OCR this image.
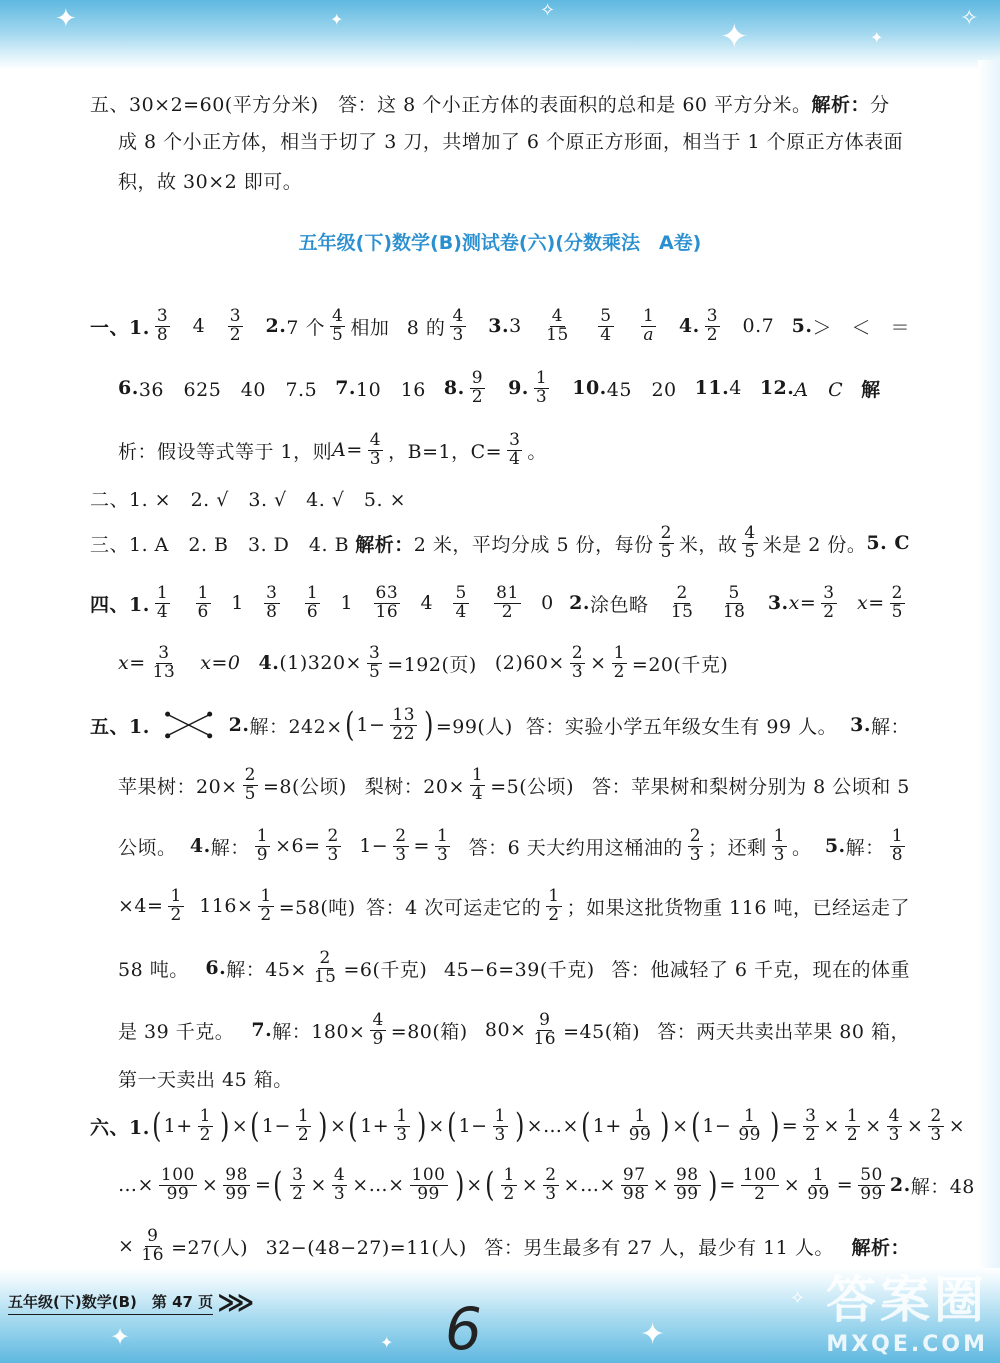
✦	✦	✧
✦	✦
✧
✦	✦	✦
✧
五、30×2=60(平方分米)　答：这 8 个小正方体的表面积的总和是 60 平方分米。 解析： 分
成 8 个小正方体，相当于切了 3 刀，共增加了 6 个原正方形面，相当于 1 个原正方体表面
积，故 30×2 即可。
五年级(下)数学(B)测试卷(六)(分数乘法　A卷)
一、1. $\frac{3}{8} 4 \frac{3}{2} 2$. 7 个 $\frac{4}{5}$ 相加 8 的 $\frac{4}{3} 3$. $3 \frac{4}{15} \frac{5}{4} \frac{1}{a} 4$. $\frac{3}{2} 0.7$ 5. ＞　＜　＝
6. 36　625　40　7.5 7. 10　16 8. $\frac{9}{2} 9$. $\frac{1}{3} 10$. 45　20 11. 4 12. A　C 解
析：假设等式等于 1，则 $A= \frac{4}{3}$ ，B=1，$C= \frac{3}{4}$ 。
二、1. ×　2. √　3. √　4. √　5. ×
三、1. A　2. B　3. D　4. B 解析： 2 米，平均分成 5 份，每份 $\frac{2}{5}$ 米，故 $\frac{4}{5}$ 米是 2 份。 5. C
四、1. $\frac{1}{4} \frac{1}{6} 1 \frac{3}{8} \frac{1}{6} 1 \frac{63}{16} 4 \frac{5}{4} \frac{81}{2} 0$ 2. 涂色略 $\frac{2}{15} \frac{5}{18} 3$. $x= \frac{3}{2} x= \frac{2}{5}$
$x= \frac{3}{13} x=0$ 4. $(1)320\times \frac{3}{5} =192$(页) $(2)60\times \frac{2}{3} \times \frac{1}{2} =20$(千克)
五、1.	2. 解：242× ( $1- \frac{13}{22}$ ) =99(人) 答：实验小学五年级女生有 99 人。 3. 解：
苹果树：$20\times \frac{2}{5} =8$(公顷) 梨树：$20\times \frac{1}{4} =5$(公顷) 答：苹果树和梨树分别为 8 公顷和 5
公顷。 4. 解： $\frac{1}{9} \times 6= \frac{2}{3} 1- \frac{2}{3} = \frac{1}{3}$ 答：6 天大约用这桶油的 $\frac{2}{3}$ ；还剩 $\frac{1}{3}$ 。 5. 解： $\frac{1}{8}$
$\times 4= \frac{1}{2} 116\times \frac{1}{2} =58$(吨) 答：4 次可运走它的 $\frac{1}{2}$ ；如果这批货物重 116 吨，已经运走了
58 吨。 6. 解：$45\times \frac{2}{15} =6$(千克) 45−6=39(千克) 答：他减轻了 6 千克，现在的体重
是 39 千克。 7. 解：$180\times \frac{4}{9} =80$(箱) $80\times \frac{9}{16} =45$(箱) 答：两天共卖出苹果 80 箱，
第一天卖出 45 箱。
六、1. ( $1 + \frac{1}{2}$ ) × ( $1 - \frac{1}{2}$ ) × ( $1 + \frac{1}{3}$ ) × ( $1 - \frac{1}{3}$ ) × … × ( $1 + \frac{1}{99}$ ) × ( $1 - \frac{1}{99}$ ) = $\frac{3}{2} \times \frac{1}{2} \times \frac{4}{3} \times \frac{2}{3}$ ×
… × $\frac{100}{99} \times \frac{98}{99}$ = ( $\frac{3}{2} \times \frac{4}{3}$ × … × $\frac{100}{99}$ ) × ( $\frac{1}{2} \times \frac{2}{3}$ × … × $\frac{97}{98} \times \frac{98}{99}$ ) = $\frac{100}{2} \times \frac{1}{99} = \frac{50}{99} 2$. 解：48
× $\frac{9}{16} =27$(人) 32−(48−27)=11(人) 答：男生最多有 27 人，最少有 11 人。 解析：
五年级(下)数学(B)　第 47 页 ⋙	6	答案圈
MXQE.COM
